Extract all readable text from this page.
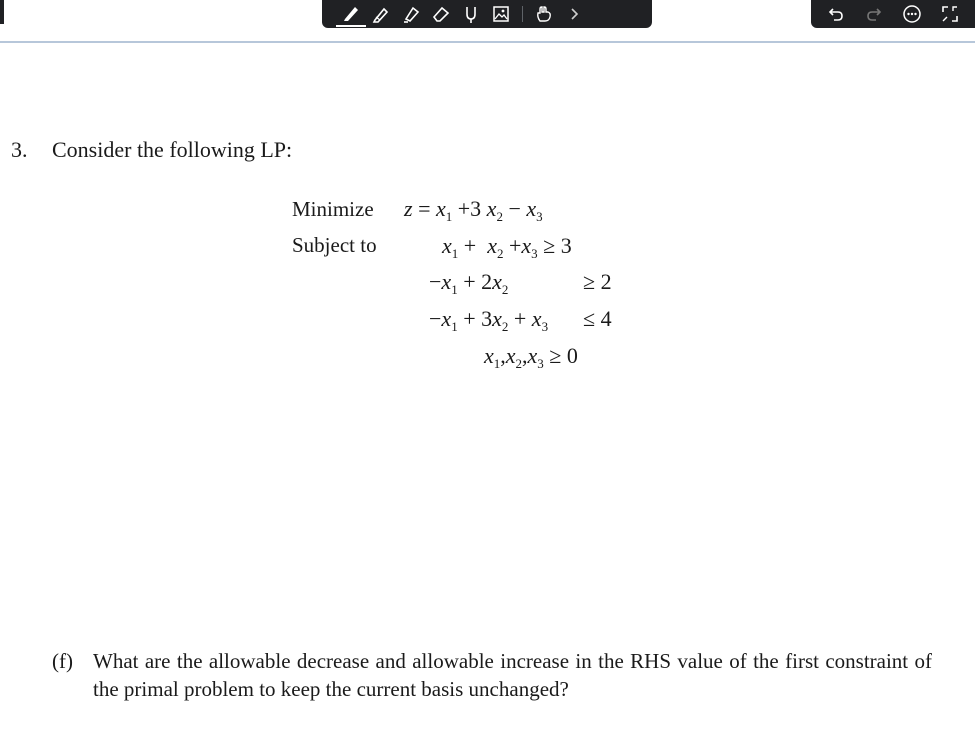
3. Consider the following LP:
Minimize
Subject to
$z = x_1 +3$ $x_2 - x_3$
$x_1 + x_2 +x_3 \ge 3$
$-x_1 + 2x_2$	≥ 2
$-x_1 + 3x_2 + x_3 \le 4$
$x_1,x_2,x_3 \ge 0$
(f) What are the allowable decrease and allowable increase in the RHS value of the first constraint of the primal problem to keep the current basis unchanged?
